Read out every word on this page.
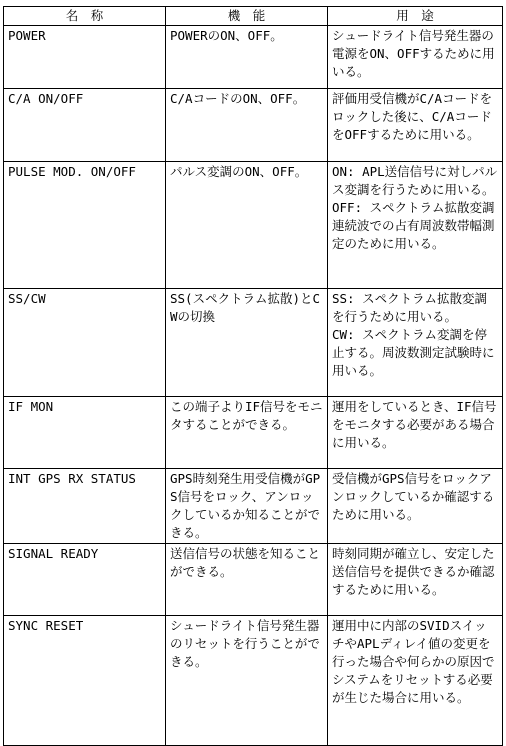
名　称	機　能	用　途
POWER	POWERのON、OFF。	シュードライト信号発生器の電源をON、OFFするために用いる。

C/A ON/OFF	C/AコードのON、OFF。	評価用受信機がC/Aコードをロックした後に、C/AコードをOFFするために用いる。

PULSE MOD. ON/OFF	パルス変調のON、OFF。	ON: APL送信信号に対しパルス変調を行うために用いる。
OFF: スペクトラム拡散変調連続波での占有周波数帯幅測定のために用いる。

SS/CW	SS(スペクトラム拡散)とCWの切換	SS: スペクトラム拡散変調を行うために用いる。
CW: スペクトラム変調を停止する。周波数測定試験時に用いる。

IF MON	この端子よりIF信号をモニタすることができる。	運用をしているとき、IF信号をモニタする必要がある場合に用いる。

INT GPS RX STATUS	GPS時刻発生用受信機がGPS信号をロック、アンロックしているか知ることができる。	受信機がGPS信号をロックアンロックしているか確認するために用いる。

SIGNAL READY	送信信号の状態を知ることができる。	時刻同期が確立し、安定した送信信号を提供できるか確認するために用いる。

SYNC RESET	シュードライト信号発生器のリセットを行うことができる。	運用中に内部のSVIDスイッチやAPLディレイ値の変更を行った場合や何らかの原因でシステムをリセットする必要が生じた場合に用いる。
